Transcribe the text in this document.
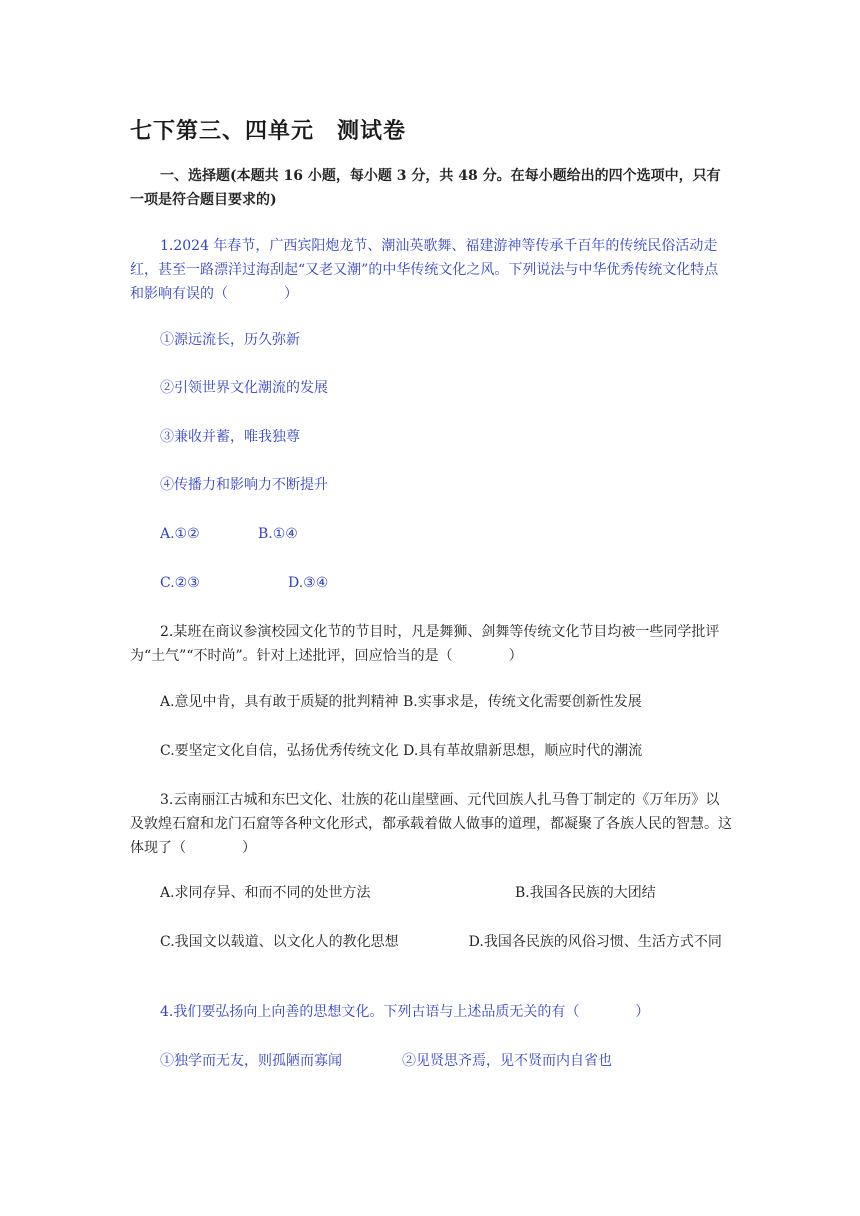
七下第三、四单元　测试卷

一、选择题(本题共 16 小题，每小题 3 分，共 48 分。在每小题给出的四个选项中，只有一项是符合题目要求的)

1.2024 年春节，广西宾阳炮龙节、潮汕英歌舞、福建游神等传承千百年的传统民俗活动走红，甚至一路漂洋过海刮起“又老又潮”的中华传统文化之风。下列说法与中华优秀传统文化特点和影响有误的（　　　　）

①源远流长，历久弥新
②引领世界文化潮流的发展
③兼收并蓄，唯我独尊
④传播力和影响力不断提升
A.①②	B.①④
C.②③	D.③④

2.某班在商议参演校园文化节的节目时，凡是舞狮、剑舞等传统文化节目均被一些同学批评为“土气”“不时尚”。针对上述批评，回应恰当的是（　　　　）

A.意见中肯，具有敢于质疑的批判精神 B.实事求是，传统文化需要创新性发展
C.要坚定文化自信，弘扬优秀传统文化 D.具有革故鼎新思想，顺应时代的潮流

3.云南丽江古城和东巴文化、壮族的花山崖壁画、元代回族人扎马鲁丁制定的《万年历》以及敦煌石窟和龙门石窟等各种文化形式，都承载着做人做事的道理，都凝聚了各族人民的智慧。这体现了（　　　　）

A.求同存异、和而不同的处世方法	B.我国各民族的大团结

C.我国文以载道、以文化人的教化思想　　　　　D.我国各民族的风俗习惯、生活方式不同

4.我们要弘扬向上向善的思想文化。下列古语与上述品质无关的有（　　　　）

①独学而无友，则孤陋而寡闻	②见贤思齐焉，见不贤而内自省也
